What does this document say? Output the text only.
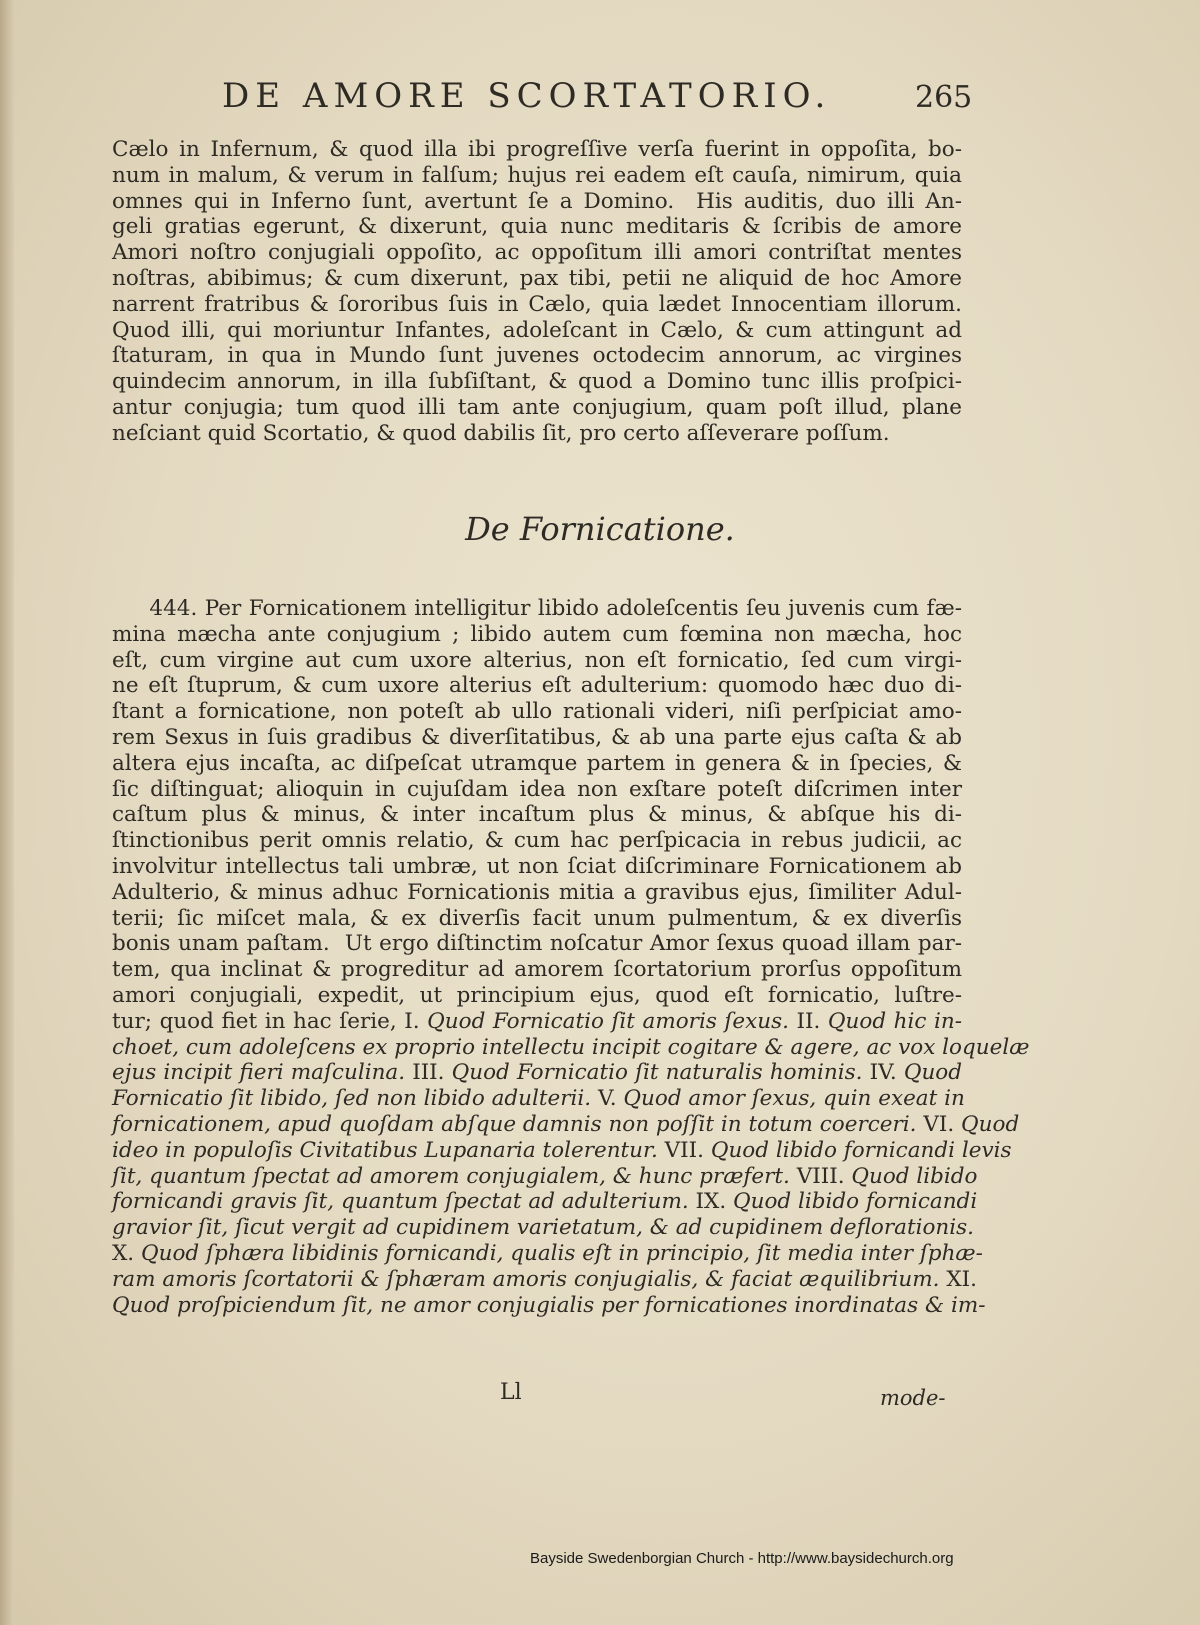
DE AMORE SCORTATORIO.	265
Cælo in Infernum, & quod illa ibi progreſſive verſa fuerint in oppoſita, bo-
num in malum, & verum in falſum; hujus rei eadem eſt cauſa, nimirum, quia
omnes qui in Inferno ſunt, avertunt ſe a Domino.  His auditis, duo illi An-
geli gratias egerunt, & dixerunt, quia nunc meditaris & ſcribis de amore
Amori noſtro conjugiali oppoſito, ac oppoſitum illi amori contriſtat mentes
noſtras, abibimus; & cum dixerunt, pax tibi, petii ne aliquid de hoc Amore
narrent fratribus & ſororibus ſuis in Cælo, quia lædet Innocentiam illorum.
Quod illi, qui moriuntur Infantes, adoleſcant in Cælo, & cum attingunt ad
ſtaturam, in qua in Mundo ſunt juvenes octodecim annorum, ac virgines
quindecim annorum, in illa ſubſiſtant, & quod a Domino tunc illis proſpici-
antur conjugia; tum quod illi tam ante conjugium, quam poſt illud, plane
neſciant quid Scortatio, & quod dabilis ſit, pro certo aſſeverare poſſum.
De Fornicatione.
444. Per Fornicationem intelligitur libido adoleſcentis ſeu juvenis cum fæ-
mina mæcha ante conjugium ; libido autem cum fœmina non mæcha, hoc
eſt, cum virgine aut cum uxore alterius, non eſt fornicatio, ſed cum virgi-
ne eſt ſtuprum, & cum uxore alterius eſt adulterium: quomodo hæc duo di-
ſtant a fornicatione, non poteſt ab ullo rationali videri, niſi perſpiciat amo-
rem Sexus in ſuis gradibus & diverſitatibus, & ab una parte ejus caſta & ab
altera ejus incaſta, ac diſpeſcat utramque partem in genera & in ſpecies, &
ſic diſtinguat; alioquin in cujuſdam idea non exſtare poteſt diſcrimen inter
caſtum plus & minus, & inter incaſtum plus & minus, & abſque his di-
ſtinctionibus perit omnis relatio, & cum hac perſpicacia in rebus judicii, ac
involvitur intellectus tali umbræ, ut non ſciat diſcriminare Fornicationem ab
Adulterio, & minus adhuc Fornicationis mitia a gravibus ejus, ſimiliter Adul-
terii; ſic miſcet mala, & ex diverſis facit unum pulmentum, & ex diverſis
bonis unam paſtam.  Ut ergo diſtinctim noſcatur Amor ſexus quoad illam par-
tem, qua inclinat & progreditur ad amorem ſcortatorium prorſus oppoſitum
amori conjugiali, expedit, ut principium ejus, quod eſt fornicatio, luſtre-
tur; quod fiet in hac ſerie, I. Quod Fornicatio ſit amoris ſexus. II. Quod hic in-
choet, cum adoleſcens ex proprio intellectu incipit cogitare & agere, ac vox loquelæ
ejus incipit fieri maſculina. III. Quod Fornicatio ſit naturalis hominis. IV. Quod
Fornicatio ſit libido, ſed non libido adulterii. V. Quod amor ſexus, quin exeat in
fornicationem, apud quoſdam abſque damnis non poſſit in totum coerceri. VI. Quod
ideo in populoſis Civitatibus Lupanaria tolerentur. VII. Quod libido fornicandi levis
ſit, quantum ſpectat ad amorem conjugialem, & hunc præfert. VIII. Quod libido
fornicandi gravis ſit, quantum ſpectat ad adulterium. IX. Quod libido fornicandi
gravior ſit, ſicut vergit ad cupidinem varietatum, & ad cupidinem deflorationis.
X. Quod ſphæra libidinis fornicandi, qualis eſt in principio, ſit media inter ſphæ-
ram amoris ſcortatorii & ſphæram amoris conjugialis, & faciat æquilibrium. XI.
Quod proſpiciendum ſit, ne amor conjugialis per fornicationes inordinatas & im-
Ll	mode-
Bayside Swedenborgian Church - http://www.baysidechurch.org
